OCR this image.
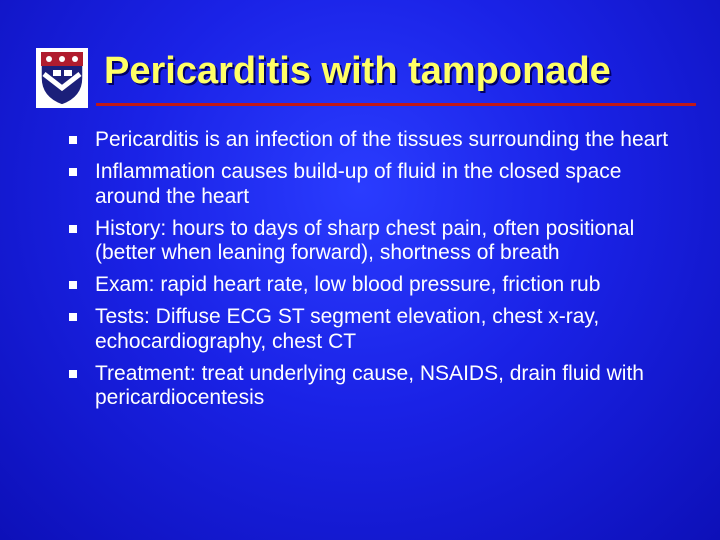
Pericarditis with tamponade
Pericarditis is an infection of the tissues surrounding the heart
Inflammation causes build-up of fluid in the closed space around the heart
History: hours to days of sharp chest pain, often positional (better when leaning forward), shortness of breath
Exam: rapid heart rate, low blood pressure, friction rub
Tests: Diffuse ECG ST segment elevation, chest x-ray, echocardiography, chest CT
Treatment: treat underlying cause, NSAIDS, drain fluid with pericardiocentesis
